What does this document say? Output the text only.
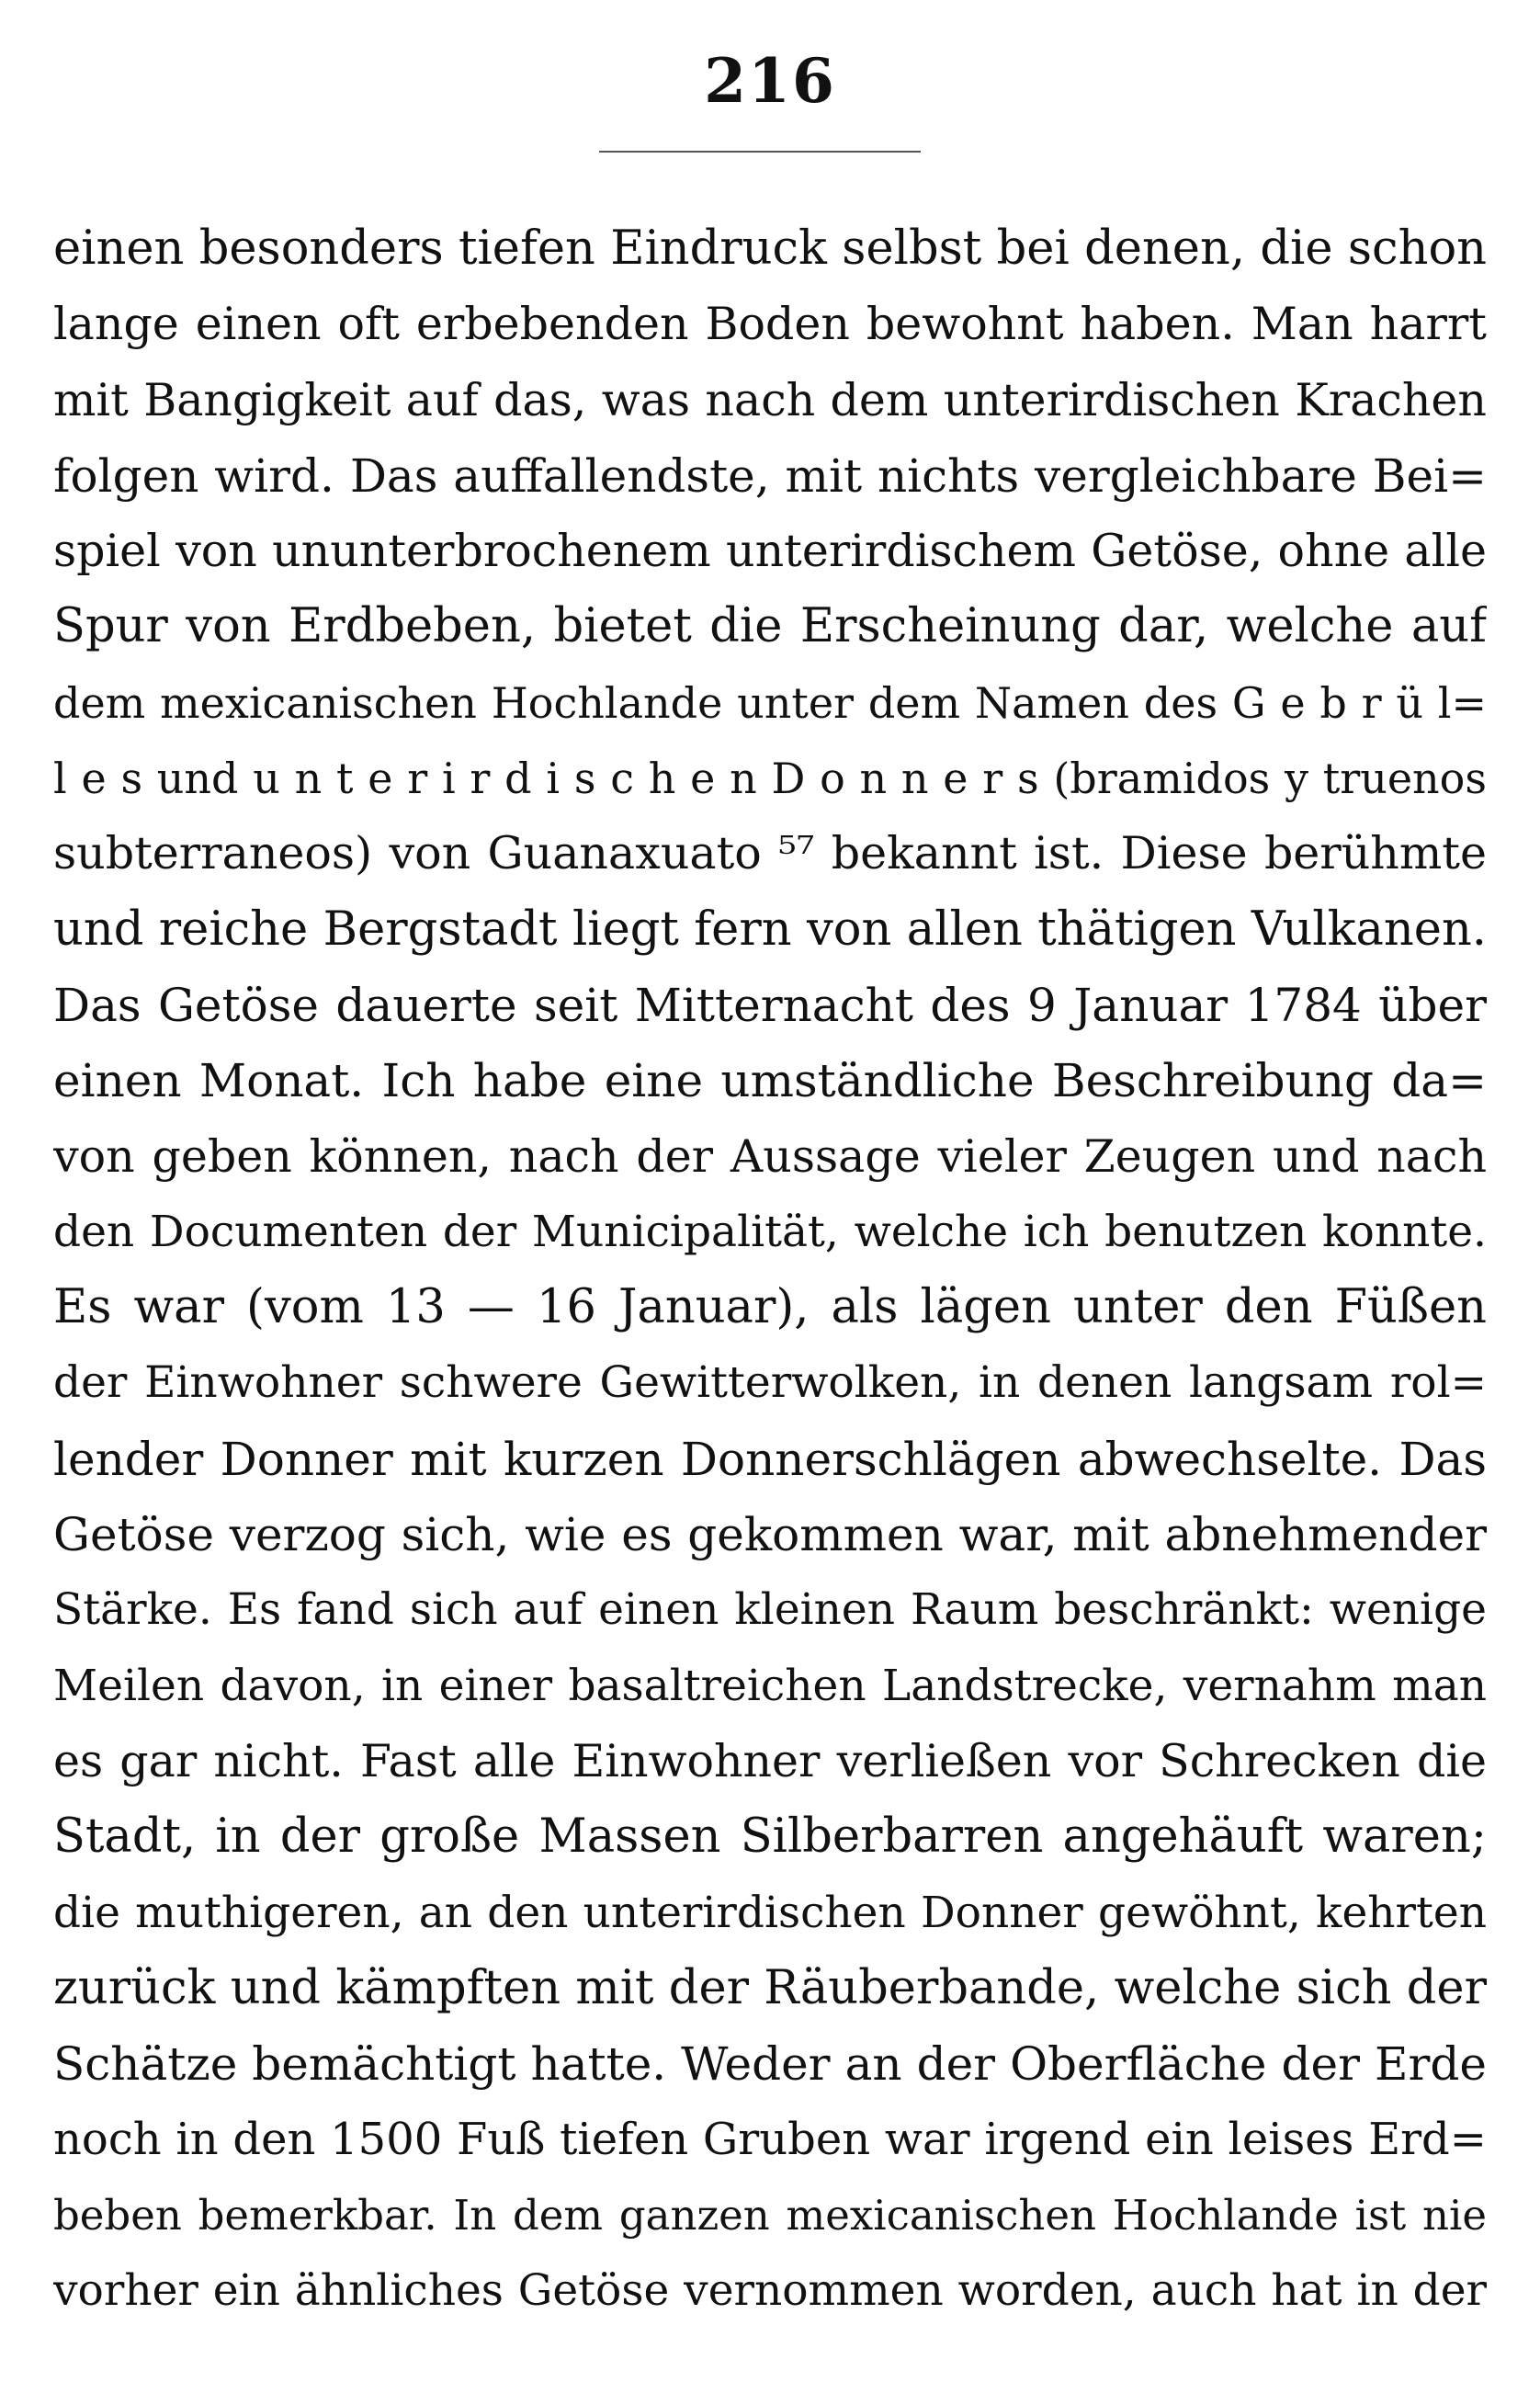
216
einen besonders tiefen Eindruck selbst bei denen, die schon
lange einen oft erbebenden Boden bewohnt haben. Man harrt
mit Bangigkeit auf das, was nach dem unterirdischen Krachen
folgen wird. Das auffallendste, mit nichts vergleichbare Bei=
spiel von ununterbrochenem unterirdischem Getöse, ohne alle
Spur von Erdbeben, bietet die Erscheinung dar, welche auf
dem mexicanischen Hochlande unter dem Namen des G e b r ü l=
l e s und u n t e r i r d i s c h e n D o n n e r s (bramidos y truenos
subterraneos) von Guanaxuato ⁵⁷ bekannt ist. Diese berühmte
und reiche Bergstadt liegt fern von allen thätigen Vulkanen.
Das Getöse dauerte seit Mitternacht des 9 Januar 1784 über
einen Monat. Ich habe eine umständliche Beschreibung da=
von geben können, nach der Aussage vieler Zeugen und nach
den Documenten der Municipalität, welche ich benutzen konnte.
Es war (vom 13 — 16 Januar), als lägen unter den Füßen
der Einwohner schwere Gewitterwolken, in denen langsam rol=
lender Donner mit kurzen Donnerschlägen abwechselte. Das
Getöse verzog sich, wie es gekommen war, mit abnehmender
Stärke. Es fand sich auf einen kleinen Raum beschränkt: wenige
Meilen davon, in einer basaltreichen Landstrecke, vernahm man
es gar nicht. Fast alle Einwohner verließen vor Schrecken die
Stadt, in der große Massen Silberbarren angehäuft waren;
die muthigeren, an den unterirdischen Donner gewöhnt, kehrten
zurück und kämpften mit der Räuberbande, welche sich der
Schätze bemächtigt hatte. Weder an der Oberfläche der Erde
noch in den 1500 Fuß tiefen Gruben war irgend ein leises Erd=
beben bemerkbar. In dem ganzen mexicanischen Hochlande ist nie
vorher ein ähnliches Getöse vernommen worden, auch hat in der
